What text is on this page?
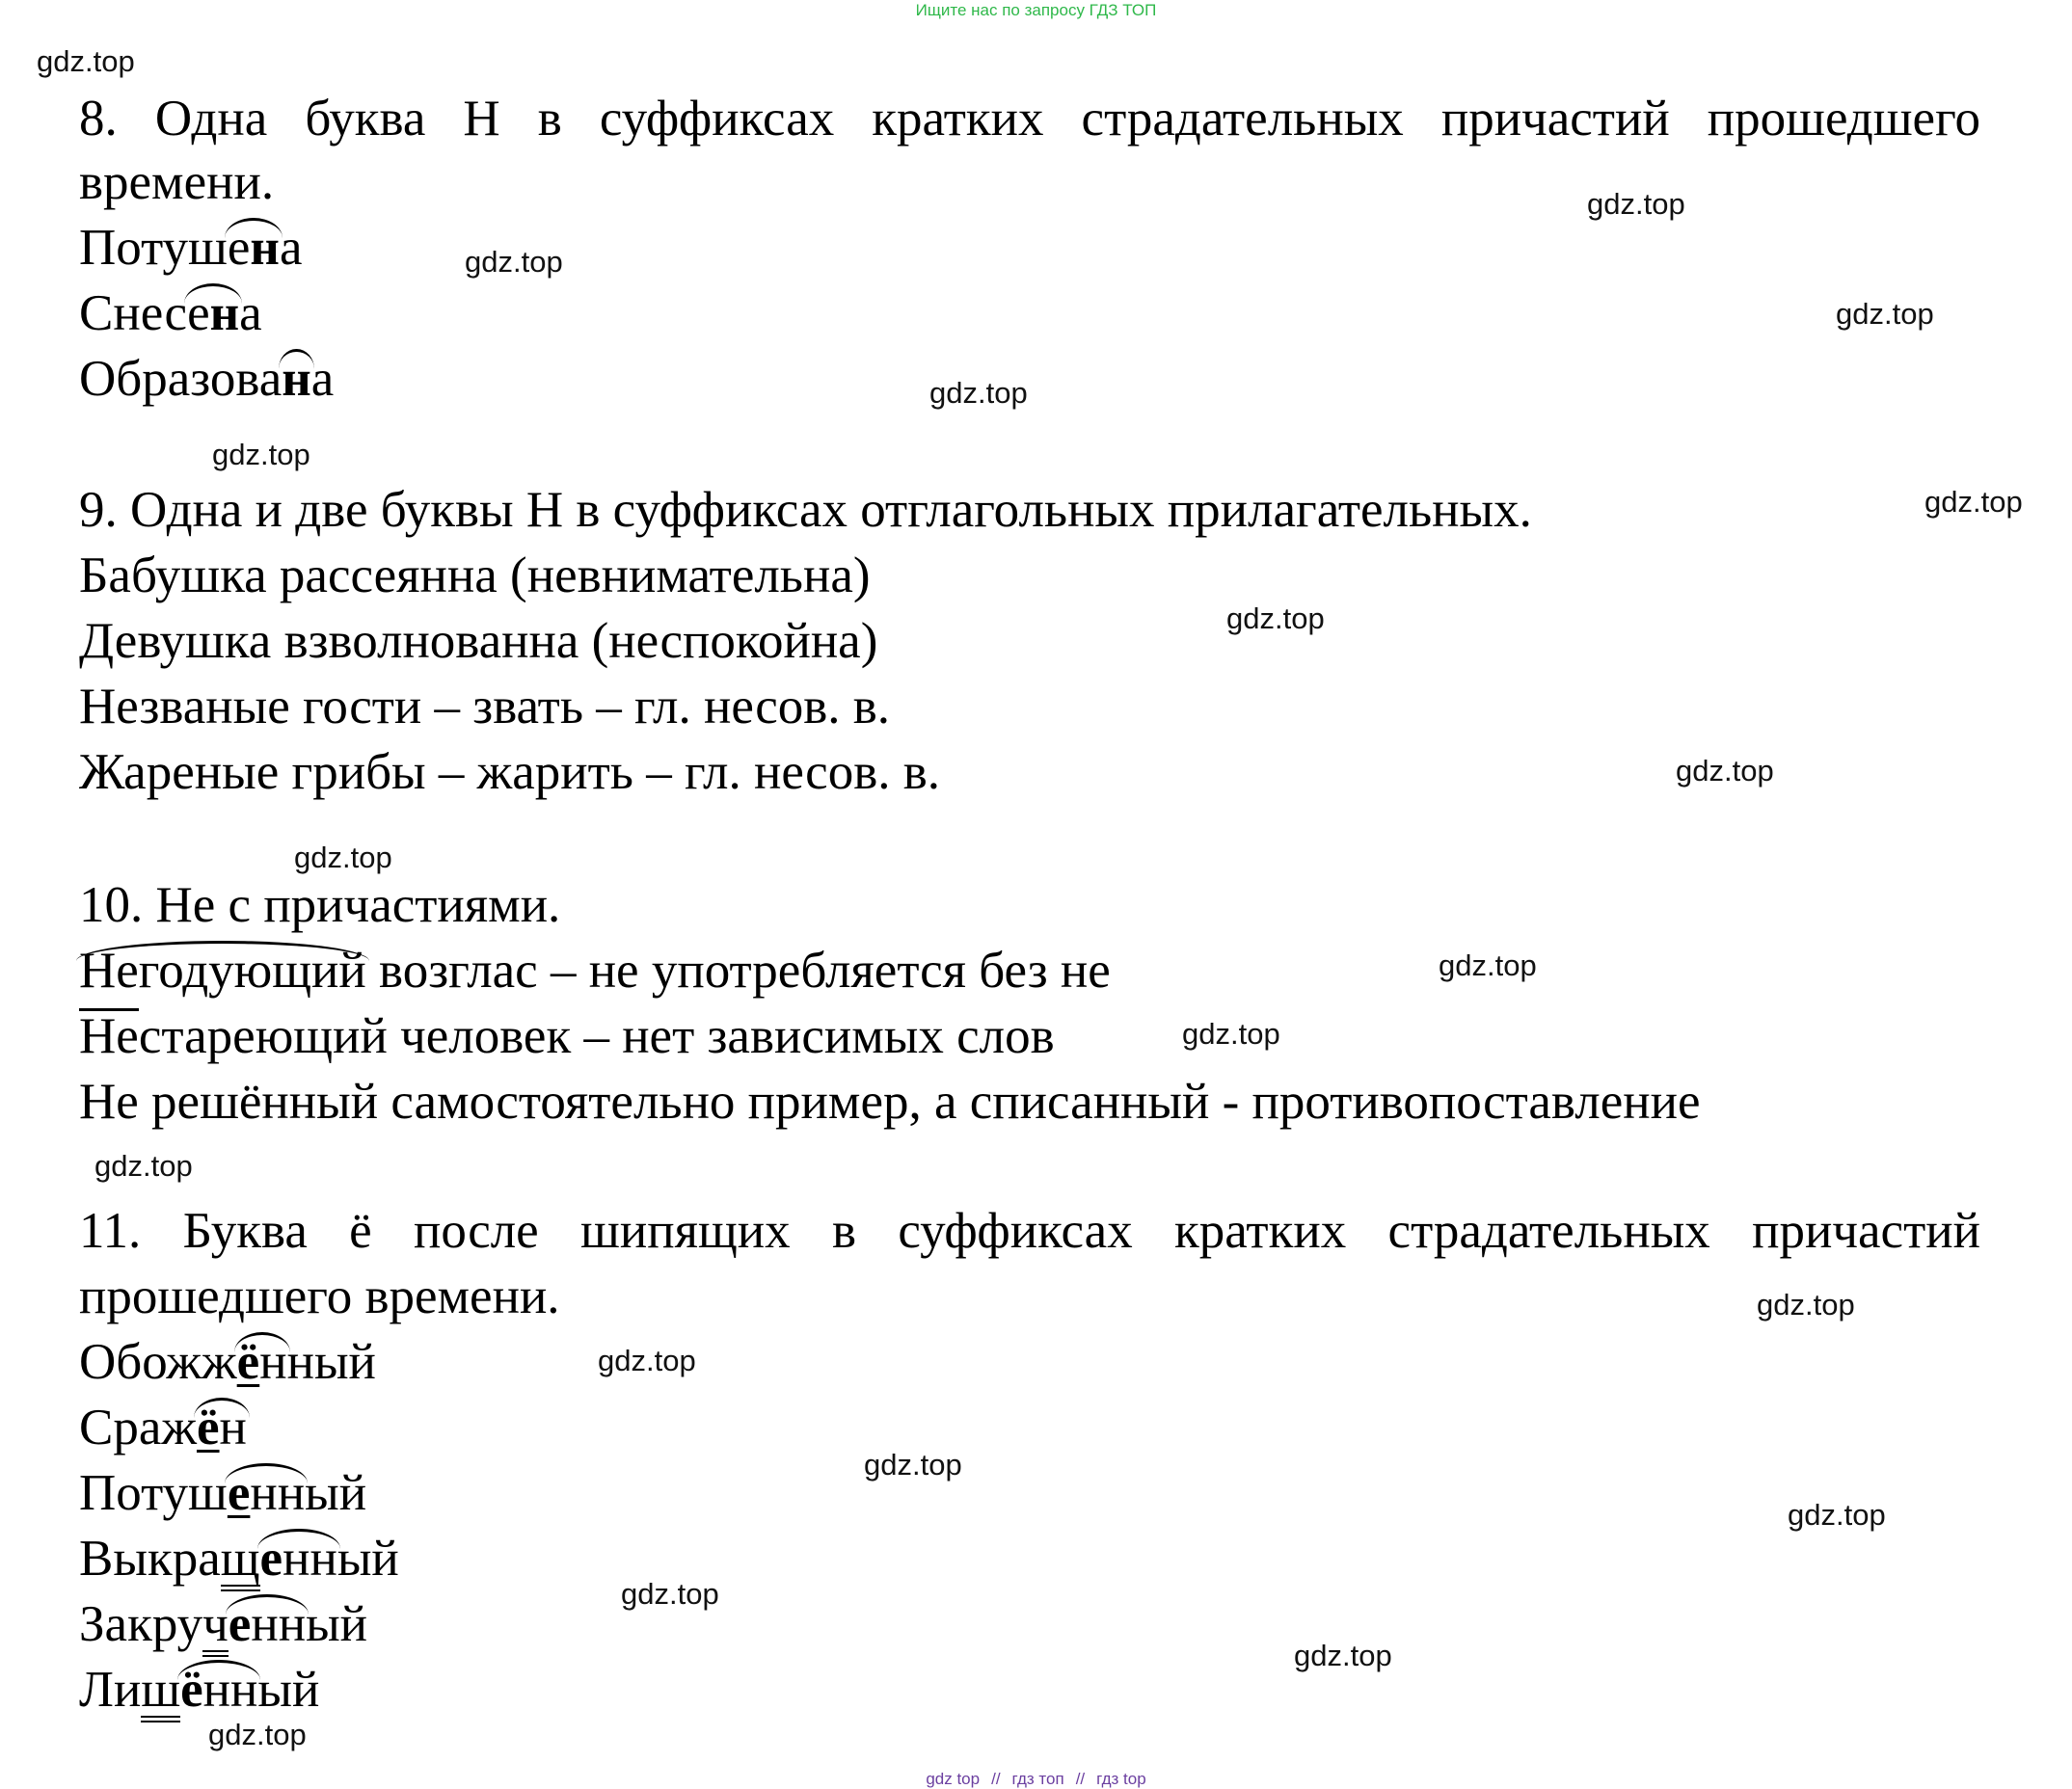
Ищите нас по запросу ГДЗ ТОП
gdz.top
gdz.top
gdz.top
gdz.top
gdz.top
gdz.top
gdz.top
gdz.top
gdz.top
gdz.top
gdz.top
gdz.top
gdz.top
gdz.top
gdz.top
gdz.top
gdz.top
gdz.top
gdz.top
gdz.top
8. Одна буква Н в суффиксах кратких страдательных причастий прошедшего
времени.
Потуш
ена
Снес
ена
Образова
на
9. Одна и две буквы Н в суффиксах отглагольных прилагательных.
Бабушка рассеянна (невнимательна)
Девушка взволнованна (неспокойна)
Незваные гости – звать – гл. несов. в.
Жареные грибы – жарить – гл. несов. в.
10. Не с причастиями.
Негодующий возглас – не употребляется без не
Нестареющий человек – нет зависимых слов
Не решённый самостоятельно пример, а списанный - противопоставление
11. Буква ё после шипящих в суффиксах кратких страдательных причастий
прошедшего времени.
Обожж
ённый
Сраж
ён
Потуш
енный
Выкращ
енный
Закруч
енный
Лиш
ённый
gdz top // гдз топ // гдз top
